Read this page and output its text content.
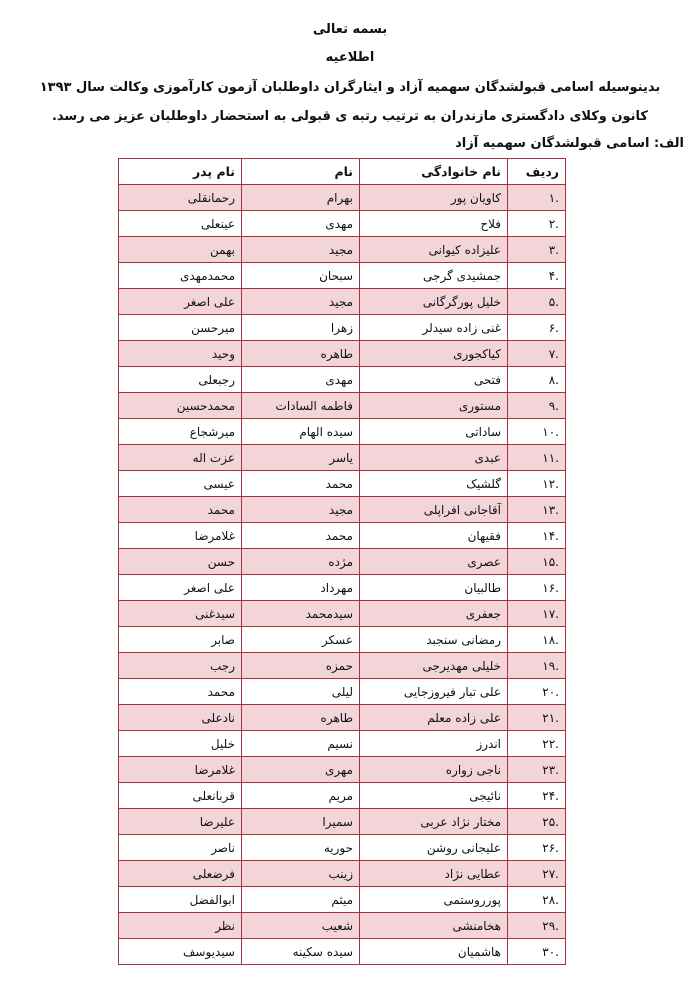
بسمه تعالی
اطلاعیه
بدینوسیله اسامی قبولشدگان سهمیه آزاد و ایثارگران داوطلبان آزمون کارآموزی وکالت سال ۱۳۹۳
کانون وکلای دادگستری مازندران به ترتیب رتبه ی قبولی به استحضار داوطلبان عزیز می رسد.
الف: اسامی قبولشدگان سهمیه آزاد
ردیف	نام خانوادگی	نام	نام پدر
.۱	کاویان پور	بهرام	رحمانقلی
.۲	فلاح	مهدی	عینعلی
.۳	علیزاده کیوانی	مجید	بهمن
.۴	جمشیدی گرجی	سبحان	محمدمهدی
.۵	خلیل پورگرگانی	مجید	علی اصغر
.۶	غنی زاده سیدلر	زهرا	میرحسن
.۷	کیاکجوری	طاهره	وحید
.۸	فتحی	مهدی	رجبعلی
.۹	مستوری	فاطمه السادات	محمدحسین
.۱۰	ساداتی	سیده الهام	میرشجاع
.۱۱	عبدی	یاسر	عزت اله
.۱۲	گلشیک	محمد	عیسی
.۱۳	آقاجانی افراپلی	مجید	محمد
.۱۴	فقیهان	محمد	غلامرضا
.۱۵	عصری	مژده	حسن
.۱۶	طالبیان	مهرداد	علی اصغر
.۱۷	جعفری	سیدمحمد	سیدغنی
.۱۸	رمضانی سنجبد	عسکر	صابر
.۱۹	خلیلی مهدیرجی	حمزه	رجب
.۲۰	علی تبار فیروزجایی	لیلی	محمد
.۲۱	علی زاده معلم	طاهره	نادعلی
.۲۲	اندرز	نسیم	خلیل
.۲۳	ناجی زواره	مهری	غلامرضا
.۲۴	نائیجی	مریم	قربانعلی
.۲۵	مختار نژاد عربی	سمیرا	علیرضا
.۲۶	علیجانی روشن	حوریه	ناصر
.۲۷	عطایی نژاد	زینب	فرضعلی
.۲۸	پورروستمی	میثم	ابوالفضل
.۲۹	هخامنشی	شعیب	نظر
.۳۰	هاشمیان	سیده سکینه	سیدیوسف
